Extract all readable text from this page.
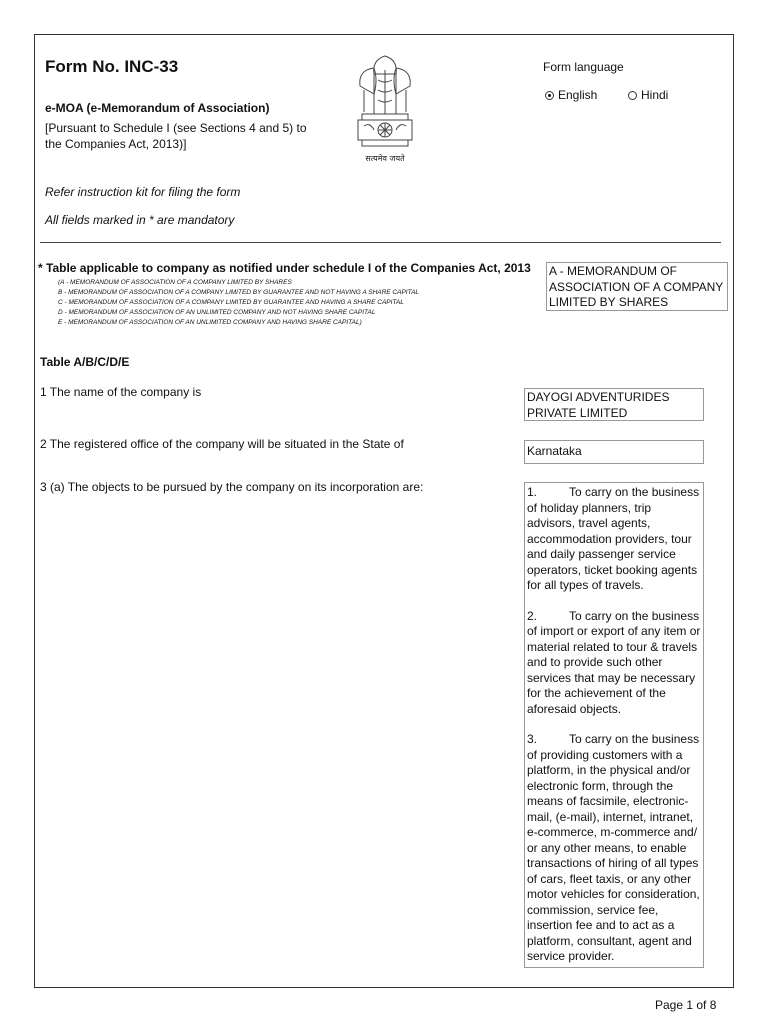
Form No. INC-33
e-MOA (e-Memorandum of Association)
[Pursuant to Schedule I (see Sections 4 and 5) to the Companies Act, 2013)]
सत्यमेव जयते
Form language
English	Hindi
Refer instruction kit for filing the form
All fields marked in * are mandatory
* Table applicable to company as notified under schedule I of the Companies Act, 2013
(A - MEMORANDUM OF ASSOCIATION OF A COMPANY LIMITED BY SHARES
B - MEMORANDUM OF ASSOCIATION OF A COMPANY LIMITED BY GUARANTEE AND NOT HAVING A SHARE CAPITAL
C - MEMORANDUM OF ASSOCIATION OF A COMPANY LIMITED BY GUARANTEE AND HAVING A SHARE CAPITAL
D - MEMORANDUM OF ASSOCIATION OF AN UNLIMITED COMPANY AND NOT HAVING SHARE CAPITAL
E - MEMORANDUM OF ASSOCIATION OF AN UNLIMITED COMPANY AND HAVING SHARE CAPITAL)
A - MEMORANDUM OF ASSOCIATION OF A COMPANY LIMITED BY SHARES
Table A/B/C/D/E
1 The name of the company is	DAYOGI ADVENTURIDES PRIVATE LIMITED
2 The registered office of the company will be situated in the State of	Karnataka
3 (a) The objects to be pursued by the company on its incorporation are:	1.	To carry on the business of holiday planners, trip advisors, travel agents, accommodation providers, tour and daily passenger service operators, ticket booking agents for all types of travels.

2.	To carry on the business of import or export of any item or material related to tour & travels and to provide such other services that may be necessary for the achievement of the aforesaid objects.

3.	To carry on the business of providing customers with a platform, in the physical and/or electronic form, through the means of facsimile, electronic-mail, (e-mail), internet, intranet, e-commerce, m-commerce and/ or any other means, to enable transactions of hiring of all types of cars, fleet taxis, or any other motor vehicles for consideration, commission, service fee, insertion fee and to act as a platform, consultant, agent and service provider.

Page 1 of 8
